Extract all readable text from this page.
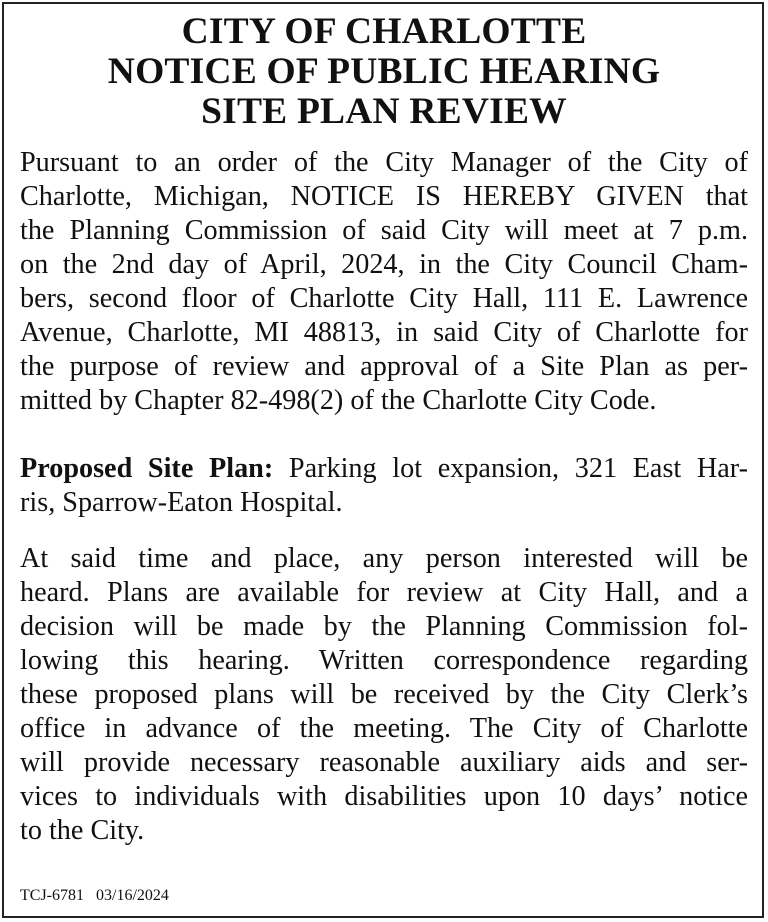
CITY OF CHARLOTTE
NOTICE OF PUBLIC HEARING
SITE PLAN REVIEW
Pursuant to an order of the City Manager of the City of
Charlotte, Michigan, NOTICE IS HEREBY GIVEN that
the Planning Commission of said City will meet at 7 p.m.
on the 2nd day of April, 2024, in the City Council Cham-
bers, second floor of Charlotte City Hall, 111 E. Lawrence
Avenue, Charlotte, MI 48813, in said City of Charlotte for
the purpose of review and approval of a Site Plan as per-
mitted by Chapter 82-498(2) of the Charlotte City Code.
Proposed Site Plan: Parking lot expansion, 321 East Har-
ris, Sparrow-Eaton Hospital.
At said time and place, any person interested will be
heard. Plans are available for review at City Hall, and a
decision will be made by the Planning Commission fol-
lowing this hearing. Written correspondence regarding
these proposed plans will be received by the City Clerk’s
office in advance of the meeting. The City of Charlotte
will provide necessary reasonable auxiliary aids and ser-
vices to individuals with disabilities upon 10 days’ notice
to the City.
TCJ-6781 03/16/2024
